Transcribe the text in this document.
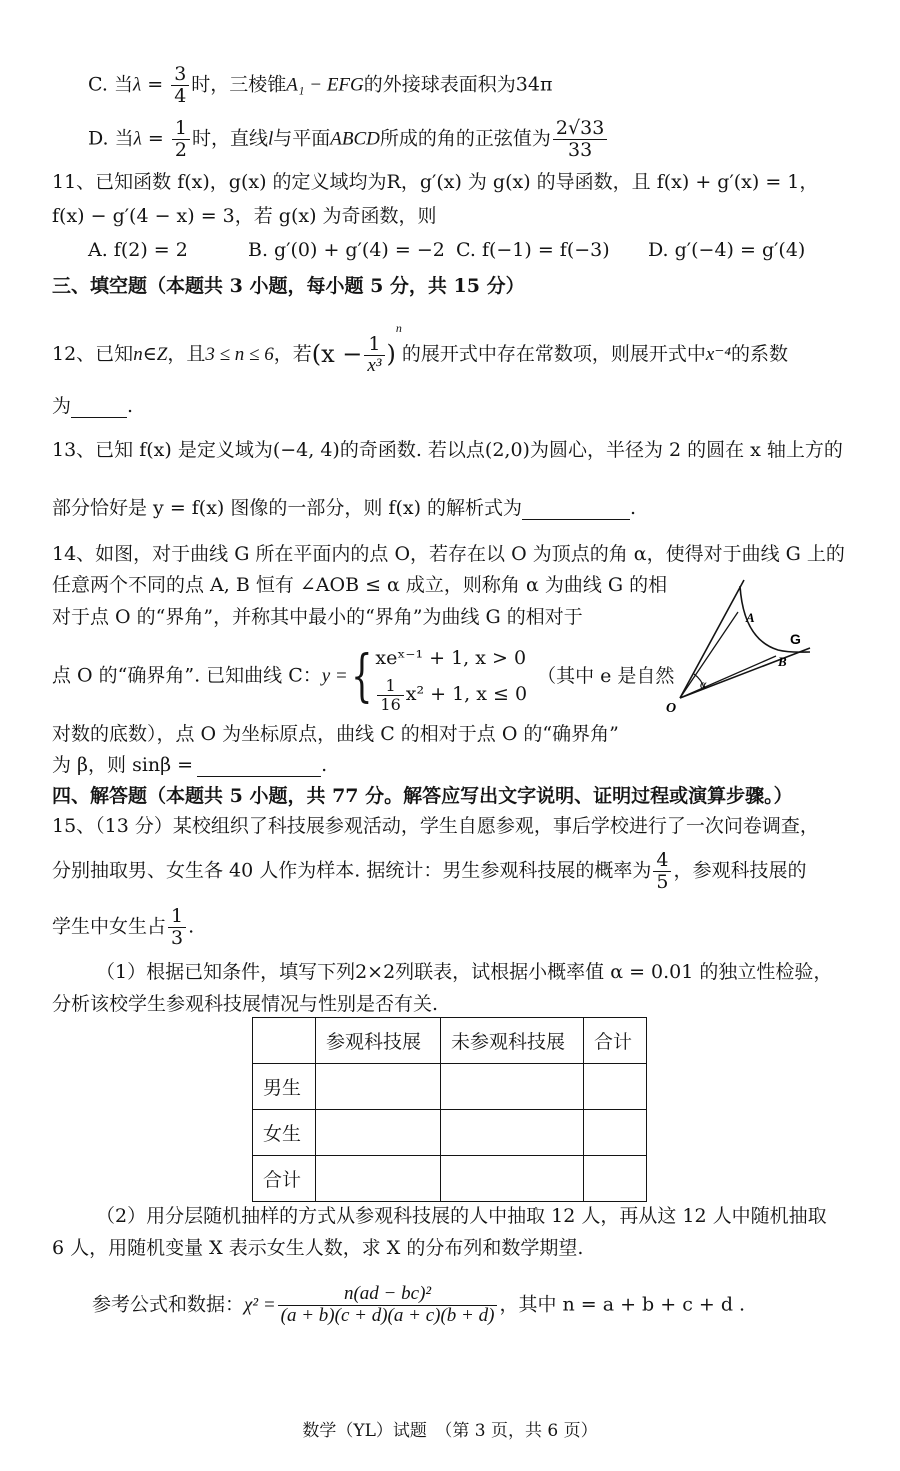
C. 当$\lambda = \frac{3}{4}$ 时，三棱锥A₁ − EFG的外接球表面积为34π
D. 当$\lambda = \frac{1}{2}$ 时，直线l与平面ABCD所成的角的正弦值为 $\frac{2√33}{33}$
11、已知函数 f(x)，g(x) 的定义域均为R，g′(x) 为 g(x) 的导函数，且 f(x) + g′(x) = 1，
f(x) − g′(4 − x) = 3，若 g(x) 为奇函数，则
A. f(2) = 2	B. g′(0) + g′(4) = −2 C. f(−1) = f(−3) D. g′(−4) = g′(4)
三、填空题（本题共 3 小题，每小题 5 分，共 15 分）
12、已知n∈Z，且3 ≤ n ≤ 6，若$(x - \frac{1}{\text{x³}} )^n$的展开式中存在常数项，则展开式中x⁻⁴的系数
为	.
13、已知 f(x) 是定义域为(−4, 4)的奇函数. 若以点(2,0)为圆心，半径为 2 的圆在 x 轴上方的
部分恰好是 y = f(x) 图像的一部分，则 f(x) 的解析式为	.
14、如图，对于曲线 G 所在平面内的点 O，若存在以 O 为顶点的角 α，使得对于曲线 G 上的
任意两个不同的点 A, B 恒有 ∠AOB ≤ α 成立，则称角 α 为曲线 G 的相
对于点 O 的“界角”，并称其中最小的“界角”为曲线 G 的相对于
点 O 的“确界角”. 已知曲线 C：y ={ xeˣ⁻¹ + 1, x > 0
$\frac{1}{16} x^2 + 1$, x ≤ 0
（其中 e 是自然
对数的底数），点 O 为坐标原点，曲线 C 的相对于点 O 的“确界角”
为 β，则 sinβ =	.
A
B
G
O
α
四、解答题（本题共 5 小题，共 77 分。解答应写出文字说明、证明过程或演算步骤。）
15、（13 分）某校组织了科技展参观活动，学生自愿参观，事后学校进行了一次问卷调查，
分别抽取男、女生各 40 人作为样本. 据统计：男生参观科技展的概率为 $\frac{4}{5}$ ，参观科技展的
学生中女生占 $\frac{1}{3}$ .
（1）根据已知条件，填写下列2×2列联表，试根据小概率值 α = 0.01 的独立性检验，
分析该校学生参观科技展情况与性别是否有关.
	参观科技展	未参观科技展	合计
男生			
女生			
合计			
（2）用分层随机抽样的方式从参观科技展的人中抽取 12 人，再从这 12 人中随机抽取
6 人，用随机变量 X 表示女生人数，求 X 的分布列和数学期望.
参考公式和数据：$\chi^2 = \frac{\text{n(ad − bc)²}}{(a + b)(c + d)(a + c)(b + d)}$ ，其中 n = a + b + c + d .
数学（YL）试题　（第 3 页，共 6 页）
